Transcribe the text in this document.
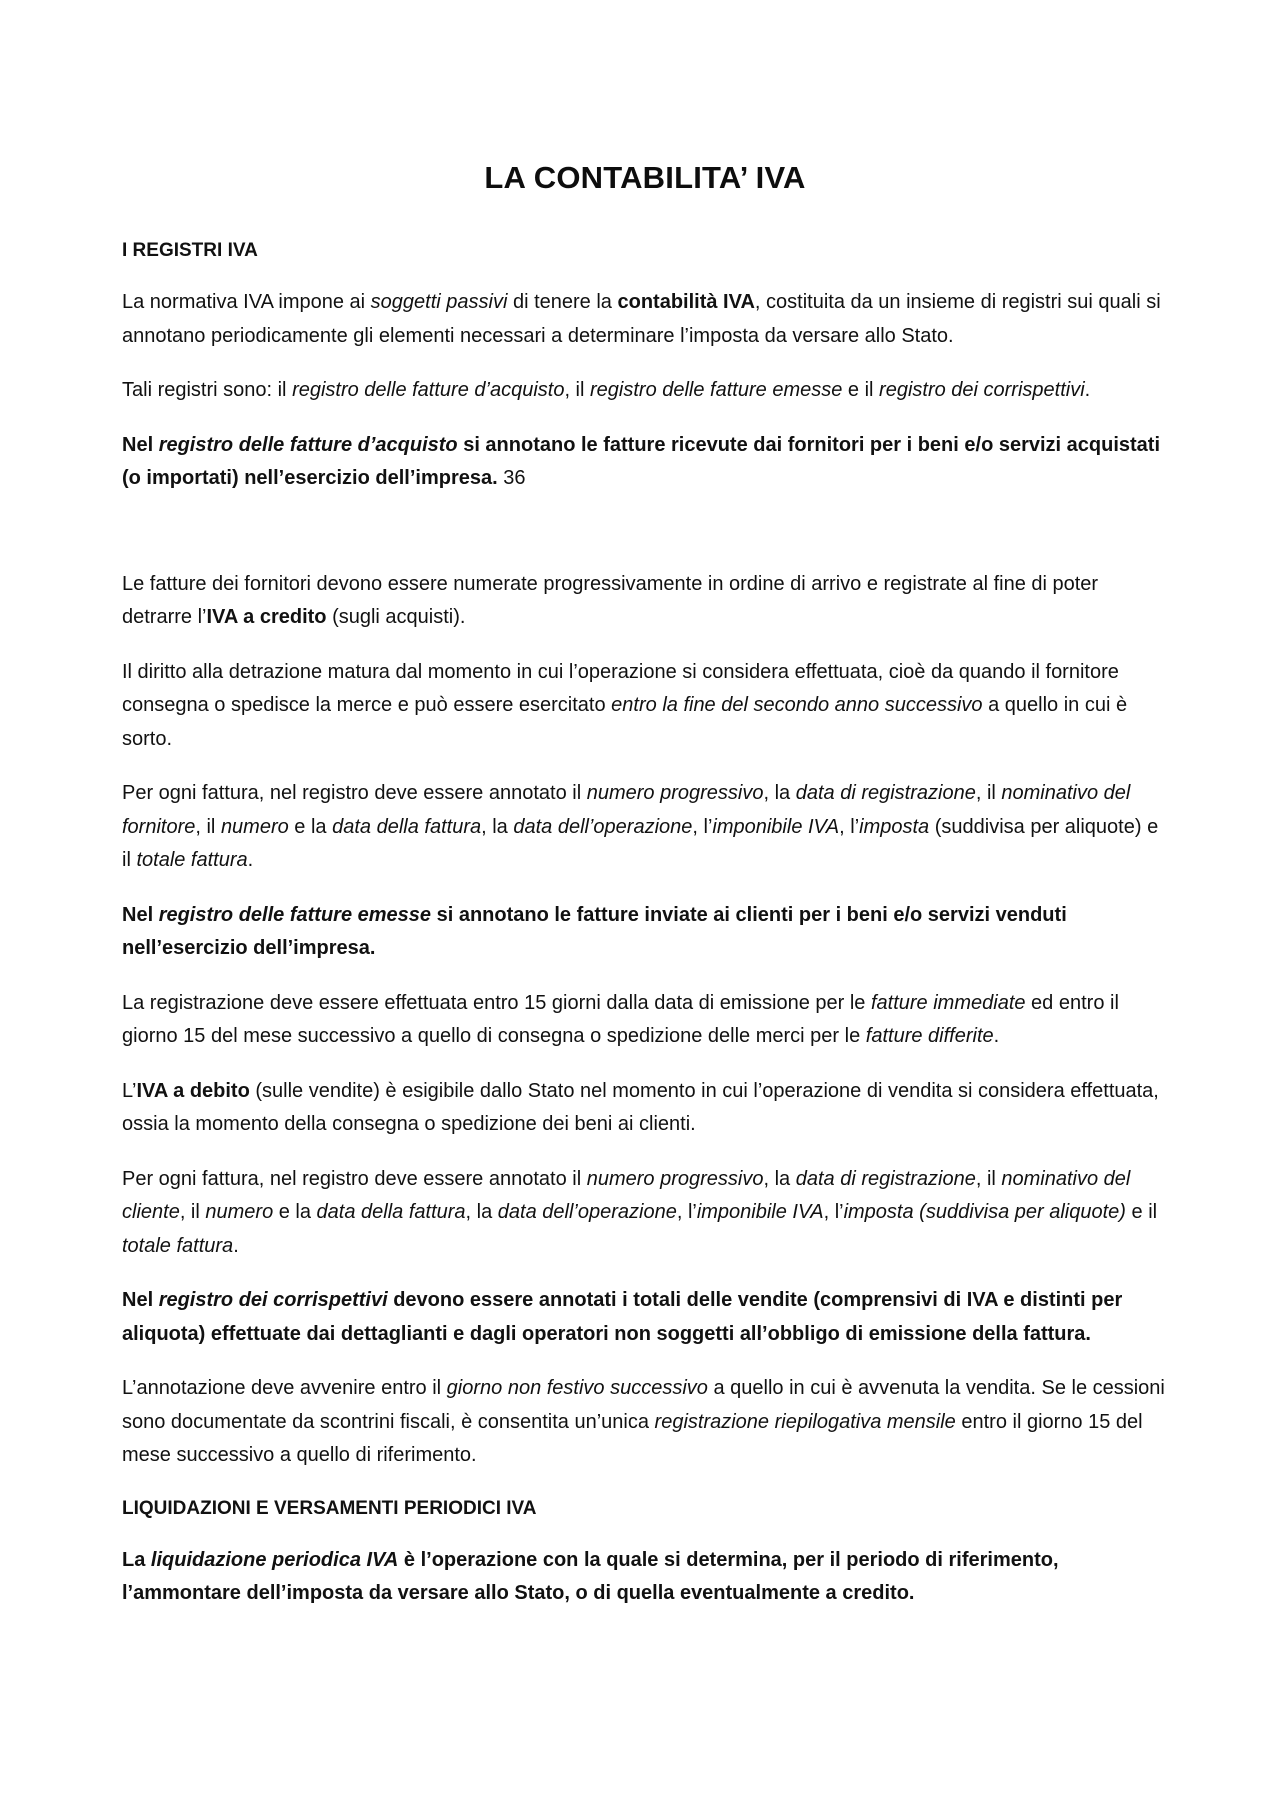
LA CONTABILITA’ IVA
I REGISTRI IVA

La normativa IVA impone ai soggetti passivi di tenere la contabilità IVA, costituita da un insieme di registri sui quali si annotano periodicamente gli elementi necessari a determinare l’imposta da versare allo Stato.

Tali registri sono: il registro delle fatture d’acquisto, il registro delle fatture emesse e il registro dei corrispettivi.

Nel registro delle fatture d’acquisto si annotano le fatture ricevute dai fornitori per i beni e/o servizi acquistati (o importati) nell’esercizio dell’impresa. 36

Le fatture dei fornitori devono essere numerate progressivamente in ordine di arrivo e registrate al fine di poter detrarre l’IVA a credito (sugli acquisti).

Il diritto alla detrazione matura dal momento in cui l’operazione si considera effettuata, cioè da quando il fornitore consegna o spedisce la merce e può essere esercitato entro la fine del secondo anno successivo a quello in cui è sorto.

Per ogni fattura, nel registro deve essere annotato il numero progressivo, la data di registrazione, il nominativo del fornitore, il numero e la data della fattura, la data dell’operazione, l’imponibile IVA, l’imposta (suddivisa per aliquote) e il totale fattura.

Nel registro delle fatture emesse si annotano le fatture inviate ai clienti per i beni e/o servizi venduti nell’esercizio dell’impresa.

La registrazione deve essere effettuata entro 15 giorni dalla data di emissione per le fatture immediate ed entro il giorno 15 del mese successivo a quello di consegna o spedizione delle merci per le fatture differite.

L’IVA a debito (sulle vendite) è esigibile dallo Stato nel momento in cui l’operazione di vendita si considera effettuata, ossia la momento della consegna o spedizione dei beni ai clienti.

Per ogni fattura, nel registro deve essere annotato il numero progressivo, la data di registrazione, il nominativo del cliente, il numero e la data della fattura, la data dell’operazione, l’imponibile IVA, l’imposta (suddivisa per aliquote) e il totale fattura.

Nel registro dei corrispettivi devono essere annotati i totali delle vendite (comprensivi di IVA e distinti per aliquota) effettuate dai dettaglianti e dagli operatori non soggetti all’obbligo di emissione della fattura.

L’annotazione deve avvenire entro il giorno non festivo successivo a quello in cui è avvenuta la vendita. Se le cessioni sono documentate da scontrini fiscali, è consentita un’unica registrazione riepilogativa mensile entro il giorno 15 del mese successivo a quello di riferimento.

LIQUIDAZIONI E VERSAMENTI PERIODICI IVA

La liquidazione periodica IVA è l’operazione con la quale si determina, per il periodo di riferimento, l’ammontare dell’imposta da versare allo Stato, o di quella eventualmente a credito.
